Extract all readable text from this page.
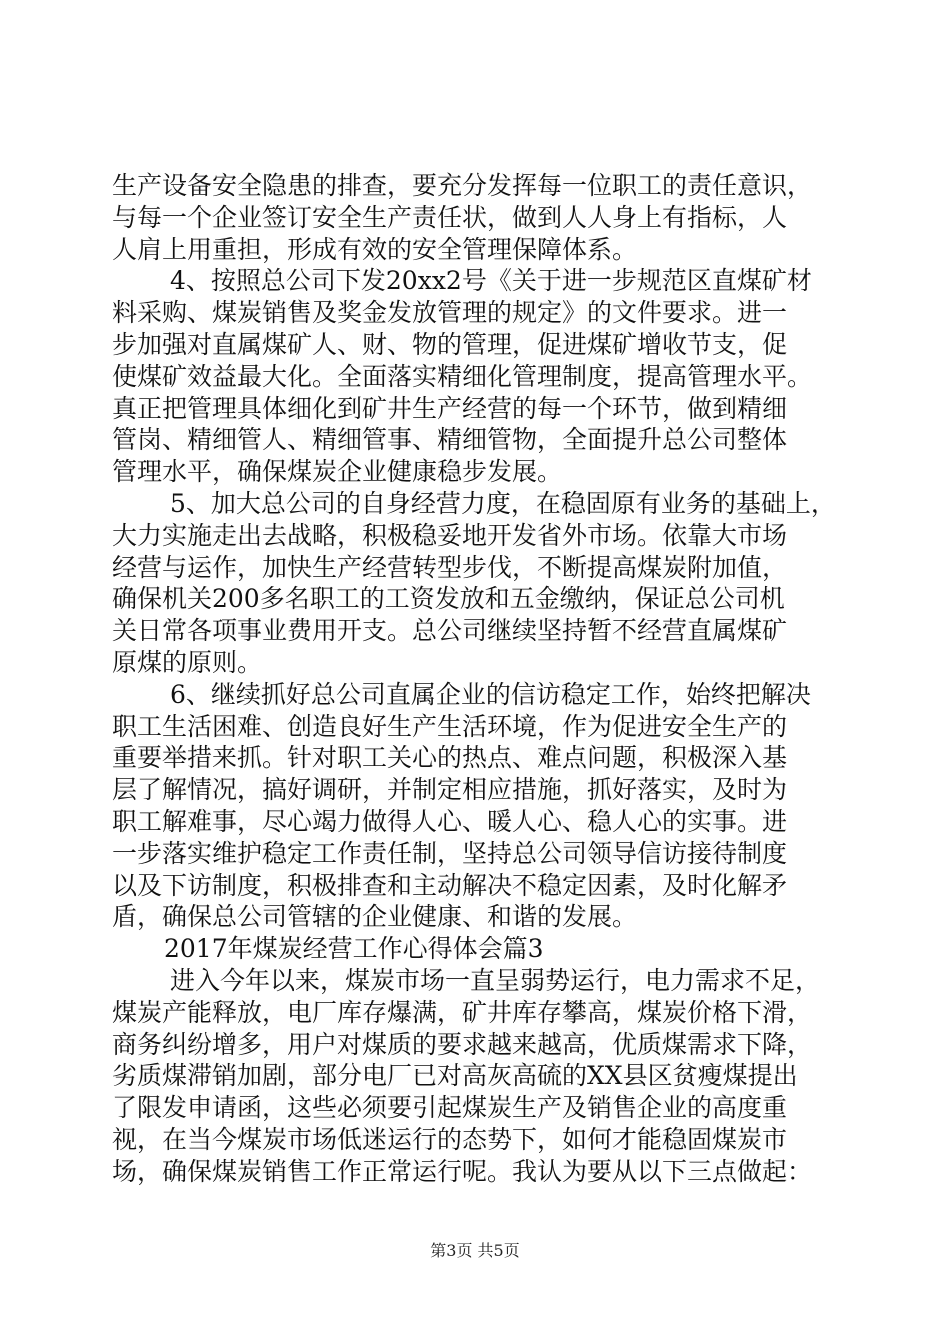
生产设备安全隐患的排查，要充分发挥每一位职工的责任意识，
与每一个企业签订安全生产责任状，做到人人身上有指标，人
人肩上用重担，形成有效的安全管理保障体系。
4、按照总公司下发20xx2号《关于进一步规范区直煤矿材
料采购、煤炭销售及奖金发放管理的规定》的文件要求。进一
步加强对直属煤矿人、财、物的管理，促进煤矿增收节支，促
使煤矿效益最大化。全面落实精细化管理制度，提高管理水平。
真正把管理具体细化到矿井生产经营的每一个环节，做到精细
管岗、精细管人、精细管事、精细管物，全面提升总公司整体
管理水平，确保煤炭企业健康稳步发展。
5、加大总公司的自身经营力度，在稳固原有业务的基础上，
大力实施走出去战略，积极稳妥地开发省外市场。依靠大市场
经营与运作，加快生产经营转型步伐，不断提高煤炭附加值，
确保机关200多名职工的工资发放和五金缴纳，保证总公司机
关日常各项事业费用开支。总公司继续坚持暂不经营直属煤矿
原煤的原则。
6、继续抓好总公司直属企业的信访稳定工作，始终把解决
职工生活困难、创造良好生产生活环境，作为促进安全生产的
重要举措来抓。针对职工关心的热点、难点问题，积极深入基
层了解情况，搞好调研，并制定相应措施，抓好落实，及时为
职工解难事，尽心竭力做得人心、暖人心、稳人心的实事。进
一步落实维护稳定工作责任制，坚持总公司领导信访接待制度
以及下访制度，积极排查和主动解决不稳定因素，及时化解矛
盾，确保总公司管辖的企业健康、和谐的发展。
2017年煤炭经营工作心得体会篇3
进入今年以来，煤炭市场一直呈弱势运行，电力需求不足，
煤炭产能释放，电厂库存爆满，矿井库存攀高，煤炭价格下滑，
商务纠纷增多，用户对煤质的要求越来越高，优质煤需求下降，
劣质煤滞销加剧，部分电厂已对高灰高硫的XX县区贫瘦煤提出
了限发申请函，这些必须要引起煤炭生产及销售企业的高度重
视，在当今煤炭市场低迷运行的态势下，如何才能稳固煤炭市
场，确保煤炭销售工作正常运行呢。我认为要从以下三点做起：
第3页 共5页
